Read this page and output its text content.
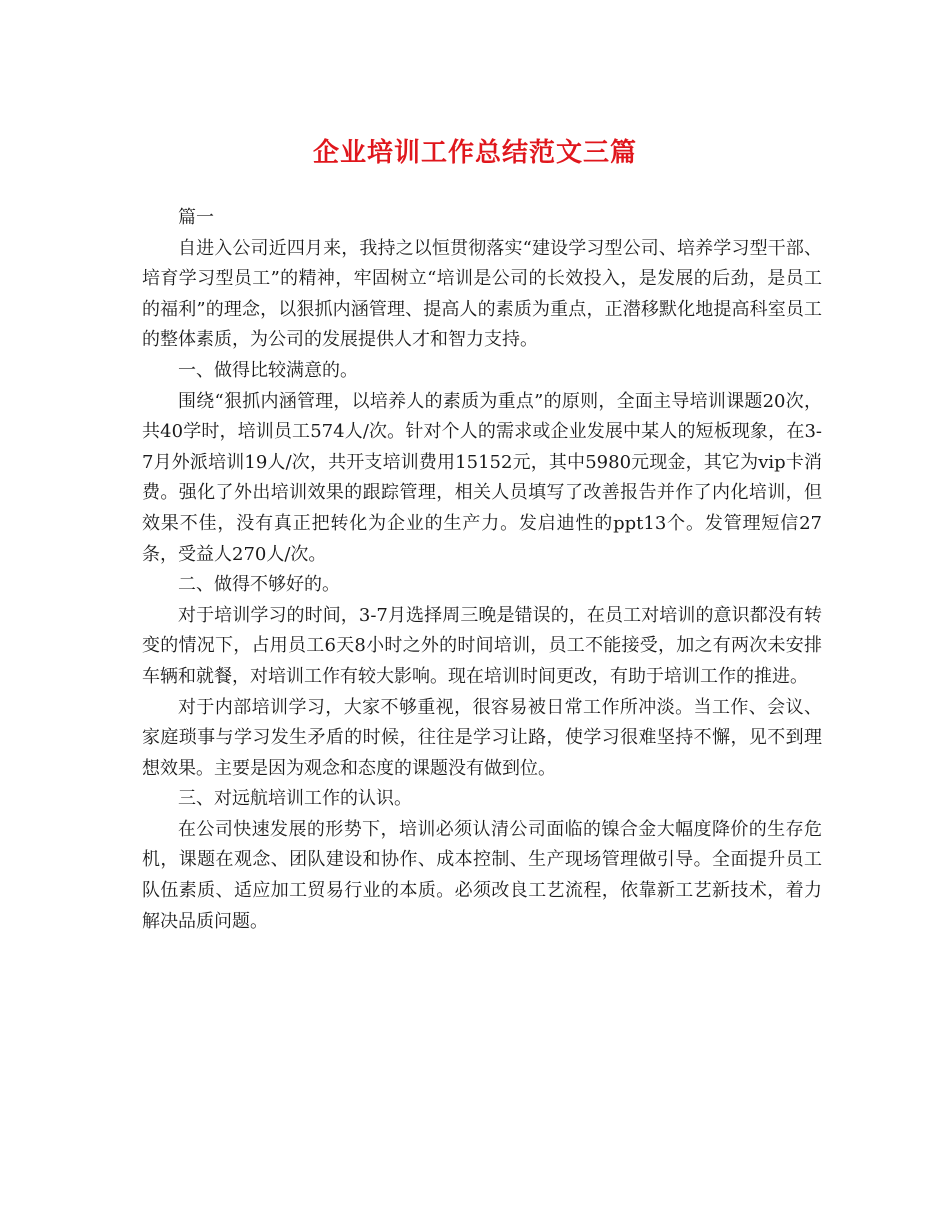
企业培训工作总结范文三篇

篇一

自进入公司近四月来，我持之以恒贯彻落实“建设学习型公司、培养学习型干部、培育学习型员工”的精神，牢固树立“培训是公司的长效投入，是发展的后劲，是员工的福利”的理念，以狠抓内涵管理、提高人的素质为重点，正潜移默化地提高科室员工的整体素质，为公司的发展提供人才和智力支持。

一、做得比较满意的。

围绕“狠抓内涵管理，以培养人的素质为重点”的原则，全面主导培训课题20次，共40学时，培训员工574人/次。针对个人的需求或企业发展中某人的短板现象，在3-7月外派培训19人/次，共开支培训费用15152元，其中5980元现金，其它为vip卡消费。强化了外出培训效果的跟踪管理，相关人员填写了改善报告并作了内化培训，但效果不佳，没有真正把转化为企业的生产力。发启迪性的ppt13个。发管理短信27条，受益人270人/次。

二、做得不够好的。

对于培训学习的时间，3-7月选择周三晚是错误的，在员工对培训的意识都没有转变的情况下，占用员工6天8小时之外的时间培训，员工不能接受，加之有两次未安排车辆和就餐，对培训工作有较大影响。现在培训时间更改，有助于培训工作的推进。

对于内部培训学习，大家不够重视，很容易被日常工作所冲淡。当工作、会议、家庭琐事与学习发生矛盾的时候，往往是学习让路，使学习很难坚持不懈，见不到理想效果。主要是因为观念和态度的课题没有做到位。

三、对远航培训工作的认识。

在公司快速发展的形势下，培训必须认清公司面临的镍合金大幅度降价的生存危机，课题在观念、团队建设和协作、成本控制、生产现场管理做引导。全面提升员工队伍素质、适应加工贸易行业的本质。必须改良工艺流程，依靠新工艺新技术，着力解决品质问题。
